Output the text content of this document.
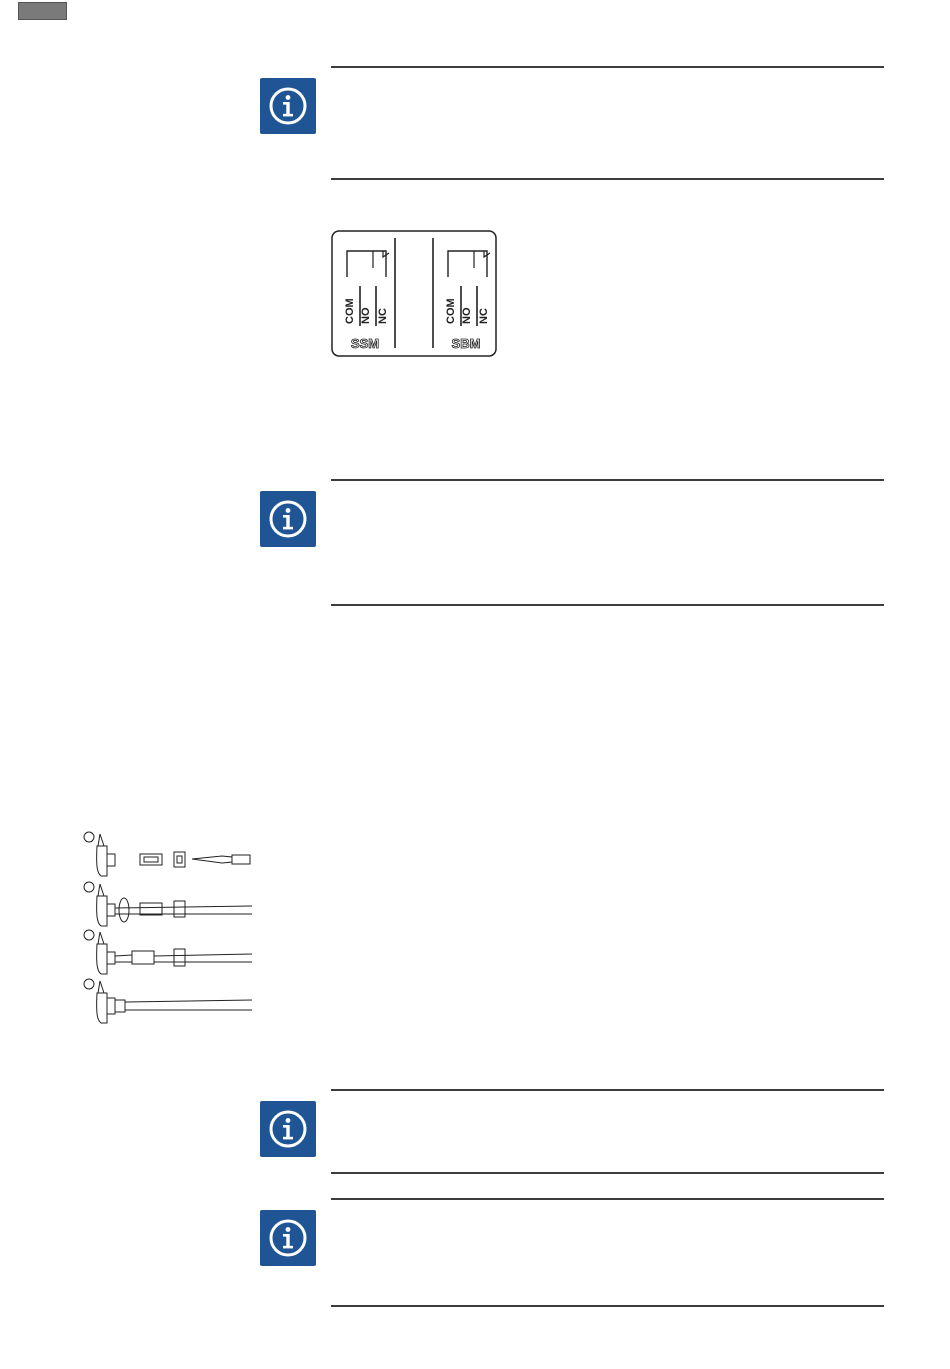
COM NO NC	COM NO NC
SSM	SBM
